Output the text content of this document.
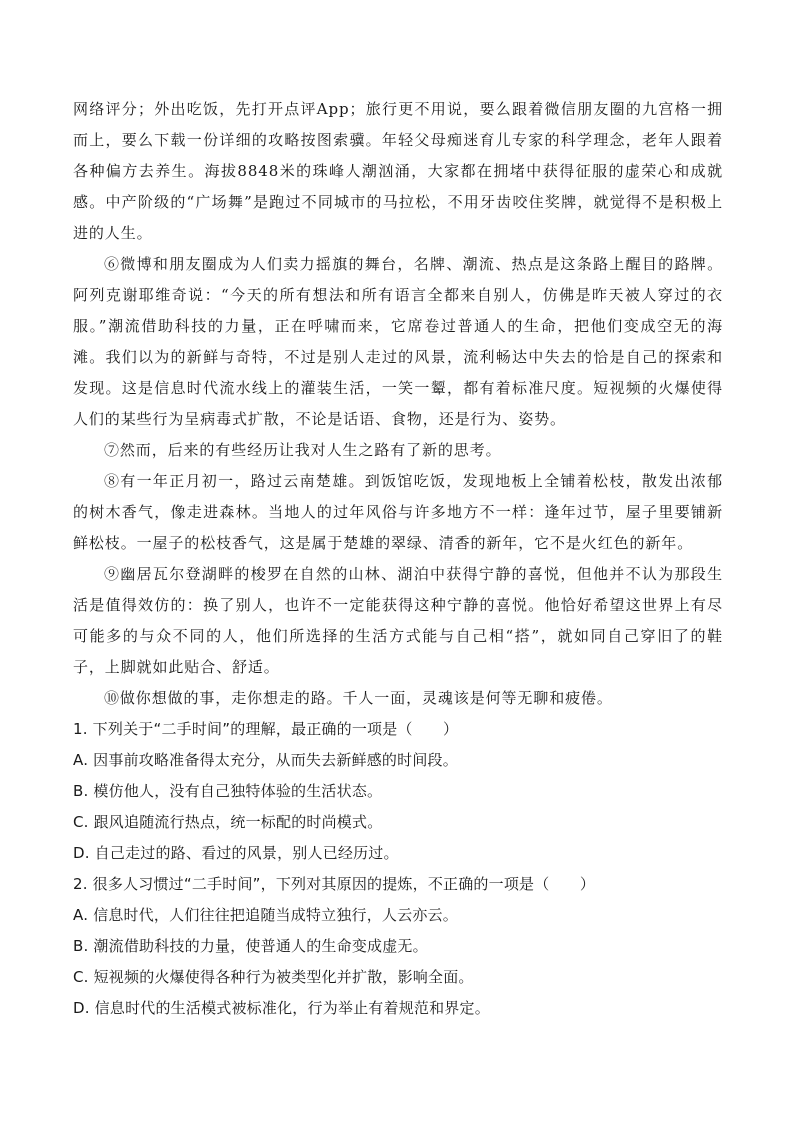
网络评分；外出吃饭，先打开点评App；旅行更不用说，要么跟着微信朋友圈的九宫格一拥而上，要么下载一份详细的攻略按图索骥。年轻父母痴迷育儿专家的科学理念，老年人跟着各种偏方去养生。海拔8848米的珠峰人潮汹涌，大家都在拥堵中获得征服的虚荣心和成就感。中产阶级的“广场舞”是跑过不同城市的马拉松，不用牙齿咬住奖牌，就觉得不是积极上进的人生。

⑥微博和朋友圈成为人们卖力摇旗的舞台，名牌、潮流、热点是这条路上醒目的路牌。阿列克谢耶维奇说：“今天的所有想法和所有语言全都来自别人，仿佛是昨天被人穿过的衣服。”潮流借助科技的力量，正在呼啸而来，它席卷过普通人的生命，把他们变成空无的海滩。我们以为的新鲜与奇特，不过是别人走过的风景，流利畅达中失去的恰是自己的探索和发现。这是信息时代流水线上的灌装生活，一笑一颦，都有着标准尺度。短视频的火爆使得人们的某些行为呈病毒式扩散，不论是话语、食物，还是行为、姿势。

⑦然而，后来的有些经历让我对人生之路有了新的思考。

⑧有一年正月初一，路过云南楚雄。到饭馆吃饭，发现地板上全铺着松枝，散发出浓郁的树木香气，像走进森林。当地人的过年风俗与许多地方不一样：逢年过节，屋子里要铺新鲜松枝。一屋子的松枝香气，这是属于楚雄的翠绿、清香的新年，它不是火红色的新年。

⑨幽居瓦尔登湖畔的梭罗在自然的山林、湖泊中获得宁静的喜悦，但他并不认为那段生活是值得效仿的：换了别人，也许不一定能获得这种宁静的喜悦。他恰好希望这世界上有尽可能多的与众不同的人，他们所选择的生活方式能与自己相“搭”，就如同自己穿旧了的鞋子，上脚就如此贴合、舒适。

⑩做你想做的事，走你想走的路。千人一面，灵魂该是何等无聊和疲倦。

1. 下列关于“二手时间”的理解，最正确的一项是（　　）

A. 因事前攻略准备得太充分，从而失去新鲜感的时间段。

B. 模仿他人，没有自己独特体验的生活状态。

C. 跟风追随流行热点，统一标配的时尚模式。

D. 自己走过的路、看过的风景，别人已经历过。

2. 很多人习惯过“二手时间”，下列对其原因的提炼，不正确的一项是（　　）

A. 信息时代，人们往往把追随当成特立独行，人云亦云。

B. 潮流借助科技的力量，使普通人的生命变成虚无。

C. 短视频的火爆使得各种行为被类型化并扩散，影响全面。

D. 信息时代的生活模式被标准化，行为举止有着规范和界定。
